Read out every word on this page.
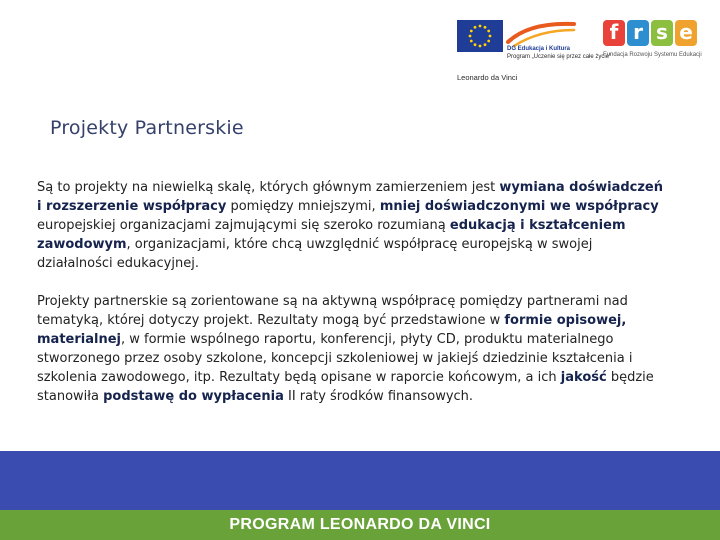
DG Edukacja i Kultura
Program „Uczenie się przez całe życie”
Leonardo da Vinci
f r s e
Fundacja Rozwoju Systemu Edukacji
Projekty Partnerskie

Są to projekty na niewielką skalę, których głównym zamierzeniem jest wymiana doświadczeń i rozszerzenie współpracy pomiędzy mniejszymi, mniej doświadczonymi we współpracy europejskiej organizacjami zajmującymi się szeroko rozumianą edukacją i kształceniem zawodowym, organizacjami, które chcą uwzględnić współpracę europejską w swojej działalności edukacyjnej.

Projekty partnerskie są zorientowane są na aktywną współpracę pomiędzy partnerami nad tematyką, której dotyczy projekt. Rezultaty mogą być przedstawione w formie opisowej, materialnej, w formie wspólnego raportu, konferencji, płyty CD, produktu materialnego stworzonego przez osoby szkolone, koncepcji szkoleniowej w jakiejś dziedzinie kształcenia i szkolenia zawodowego, itp. Rezultaty będą opisane w raporcie końcowym, a ich jakość będzie stanowiła podstawę do wypłacenia II raty środków finansowych.

PROGRAM LEONARDO DA VINCI
